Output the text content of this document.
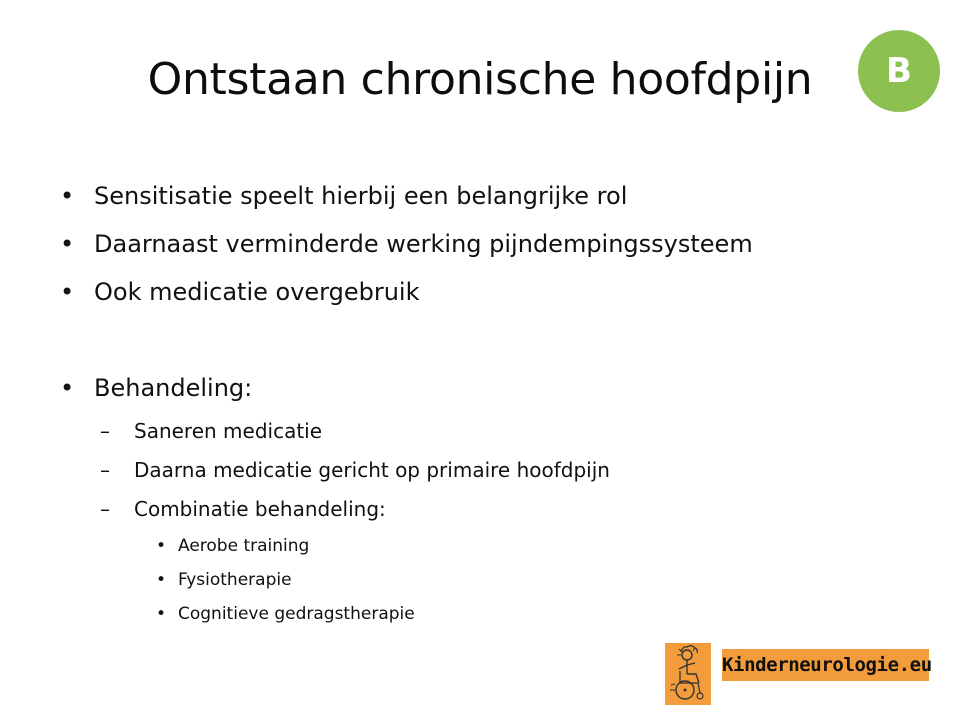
Ontstaan chronische hoofdpijn	B
• Sensitisatie speelt hierbij een belangrijke rol
• Daarnaast verminderde werking pijndempingssysteem
• Ook medicatie overgebruik
• Behandeling:
– Saneren medicatie
– Daarna medicatie gericht op primaire hoofdpijn
– Combinatie behandeling:
• Aerobe training
• Fysiotherapie
• Cognitieve gedragstherapie
Kinderneurologie.eu
